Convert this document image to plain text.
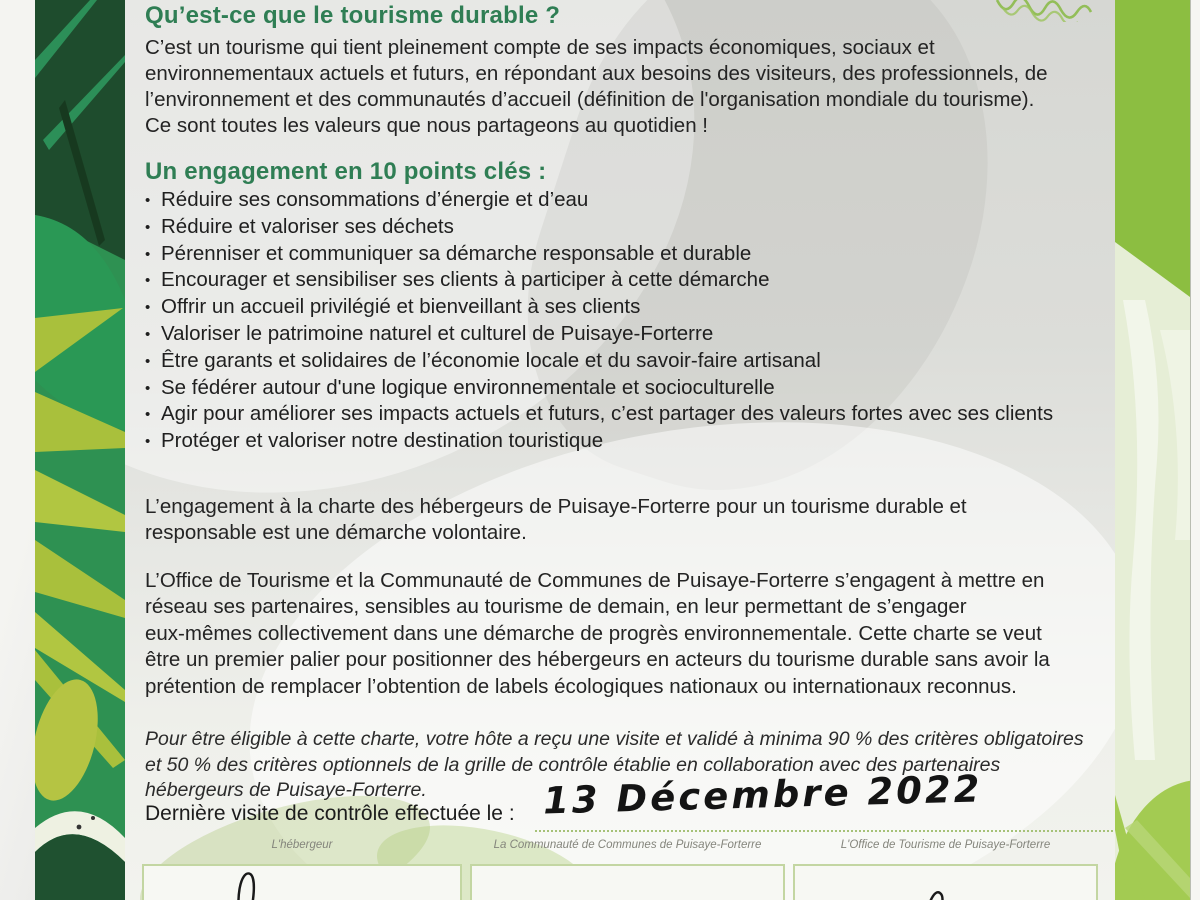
Qu’est-ce que le tourisme durable ?
C’est un tourisme qui tient pleinement compte de ses impacts économiques, sociaux et
environnementaux actuels et futurs, en répondant aux besoins des visiteurs, des professionnels, de
l’environnement et des communautés d’accueil (définition de l'organisation mondiale du tourisme).
Ce sont toutes les valeurs que nous partageons au quotidien !
Un engagement en 10 points clés :
• Réduire ses consommations d’énergie et d’eau
• Réduire et valoriser ses déchets
• Pérenniser et communiquer sa démarche responsable et durable
• Encourager et sensibiliser ses clients à participer à cette démarche
• Offrir un accueil privilégié et bienveillant à ses clients
• Valoriser le patrimoine naturel et culturel de Puisaye-Forterre
• Être garants et solidaires de l’économie locale et du savoir-faire artisanal
• Se fédérer autour d'une logique environnementale et socioculturelle
• Agir pour améliorer ses impacts actuels et futurs, c’est partager des valeurs fortes avec ses clients
• Protéger et valoriser notre destination touristique
L’engagement à la charte des hébergeurs de Puisaye-Forterre pour un tourisme durable et
responsable est une démarche volontaire.
L’Office de Tourisme et la Communauté de Communes de Puisaye-Forterre s’engagent à mettre en
réseau ses partenaires, sensibles au tourisme de demain, en leur permettant de s’engager
eux-mêmes collectivement dans une démarche de progrès environnementale. Cette charte se veut
être un premier palier pour positionner des hébergeurs en acteurs du tourisme durable sans avoir la
prétention de remplacer l’obtention de labels écologiques nationaux ou internationaux reconnus.
Pour être éligible à cette charte, votre hôte a reçu une visite et validé à minima 90 % des critères obligatoires
et 50 % des critères optionnels de la grille de contrôle établie en collaboration avec des partenaires
hébergeurs de Puisaye-Forterre.
Dernière visite de contrôle effectuée le : 13 Décembre 2022
L'hébergeur	La Communauté de Communes de Puisaye-Forterre	L'Office de Tourisme de Puisaye-Forterre
